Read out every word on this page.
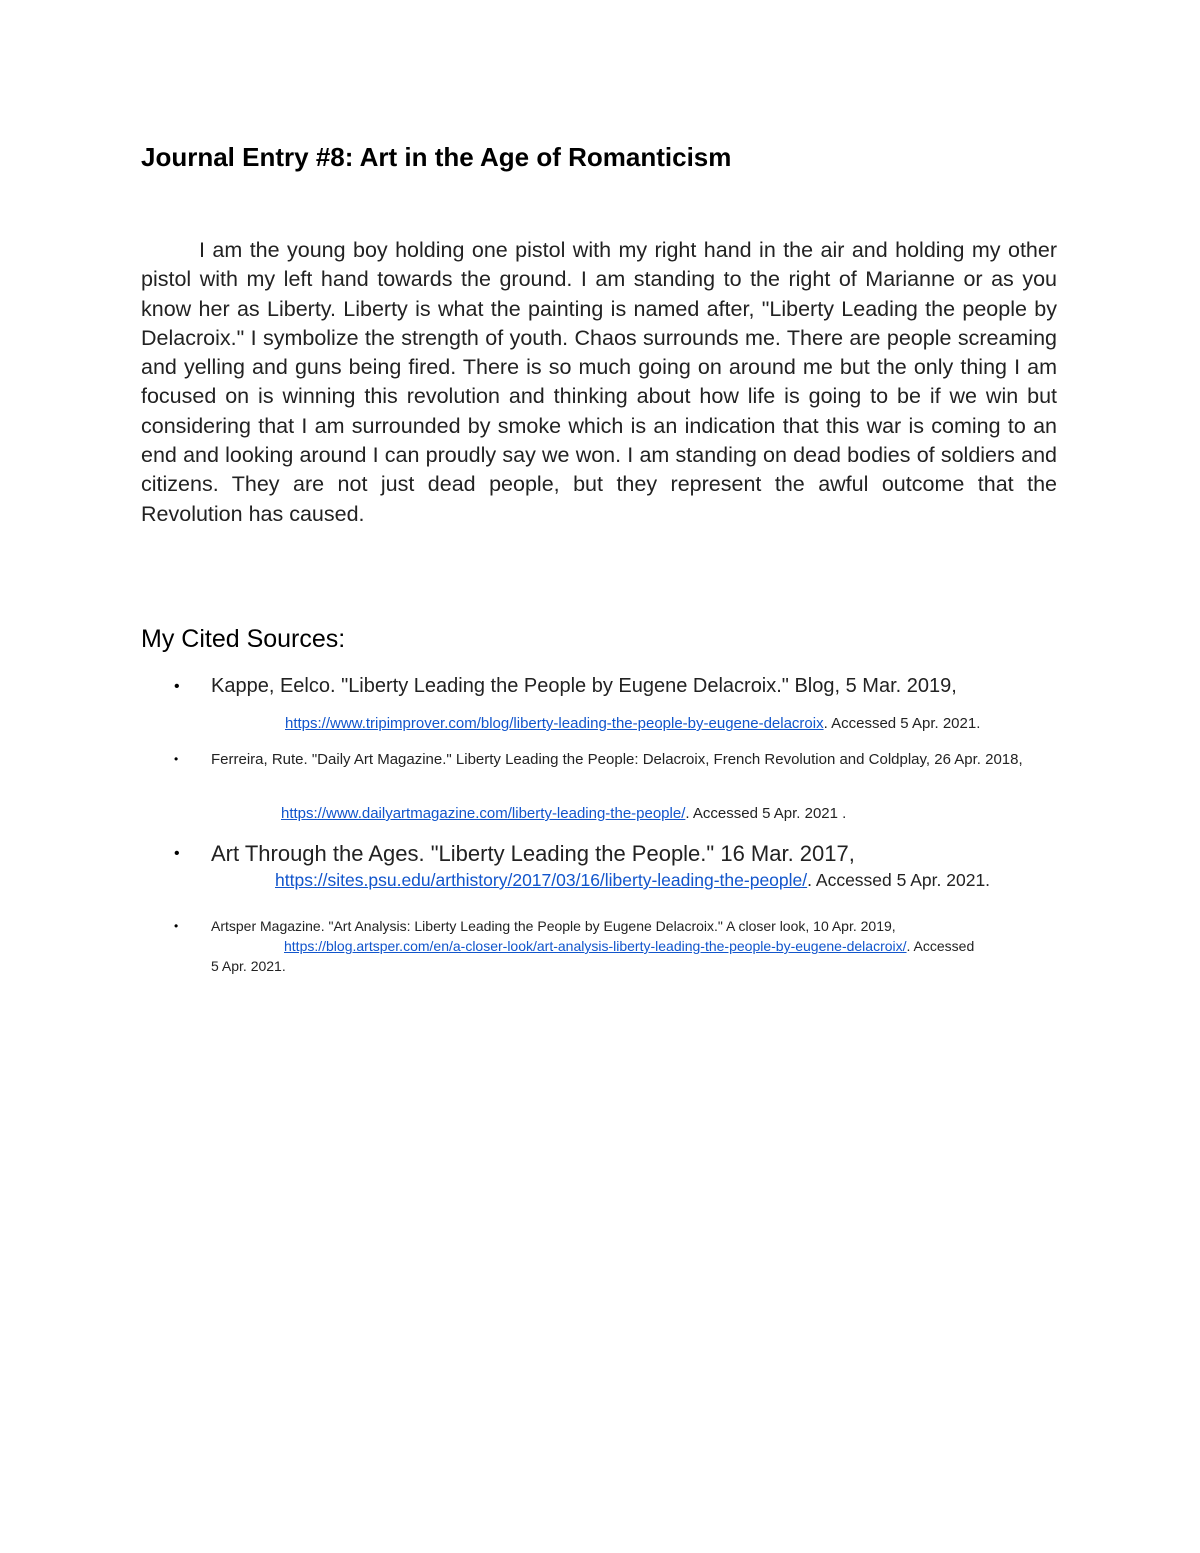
Journal Entry #8: Art in the Age of Romanticism

I am the young boy holding one pistol with my right hand in the air and holding my other pistol with my left hand towards the ground. I am standing to the right of Marianne or as you know her as Liberty. Liberty is what the painting is named after, "Liberty Leading the people by Delacroix." I symbolize the strength of youth. Chaos surrounds me. There are people screaming and yelling and guns being fired. There is so much going on around me but the only thing I am focused on is winning this revolution and thinking about how life is going to be if we win but considering that I am surrounded by smoke which is an indication that this war is coming to an end and looking around I can proudly say we won. I am standing on dead bodies of soldiers and citizens. They are not just dead people, but they represent the awful outcome that the Revolution has caused.

My Cited Sources:
• Kappe, Eelco. "Liberty Leading the People by Eugene Delacroix." Blog, 5 Mar. 2019,

https://www.tripimprover.com/blog/liberty-leading-the-people-by-eugene-delacroix. Accessed 5 Apr. 2021.
• Ferreira, Rute. "Daily Art Magazine." Liberty Leading the People: Delacroix, French Revolution and Coldplay, 26 Apr. 2018,

https://www.dailyartmagazine.com/liberty-leading-the-people/. Accessed 5 Apr. 2021 .
• Art Through the Ages. "Liberty Leading the People." 16 Mar. 2017,

https://sites.psu.edu/arthistory/2017/03/16/liberty-leading-the-people/. Accessed 5 Apr. 2021.
• Artsper Magazine. "Art Analysis: Liberty Leading the People by Eugene Delacroix." A closer look, 10 Apr. 2019,

https://blog.artsper.com/en/a-closer-look/art-analysis-liberty-leading-the-people-by-eugene-delacroix/. Accessed

5 Apr. 2021.
